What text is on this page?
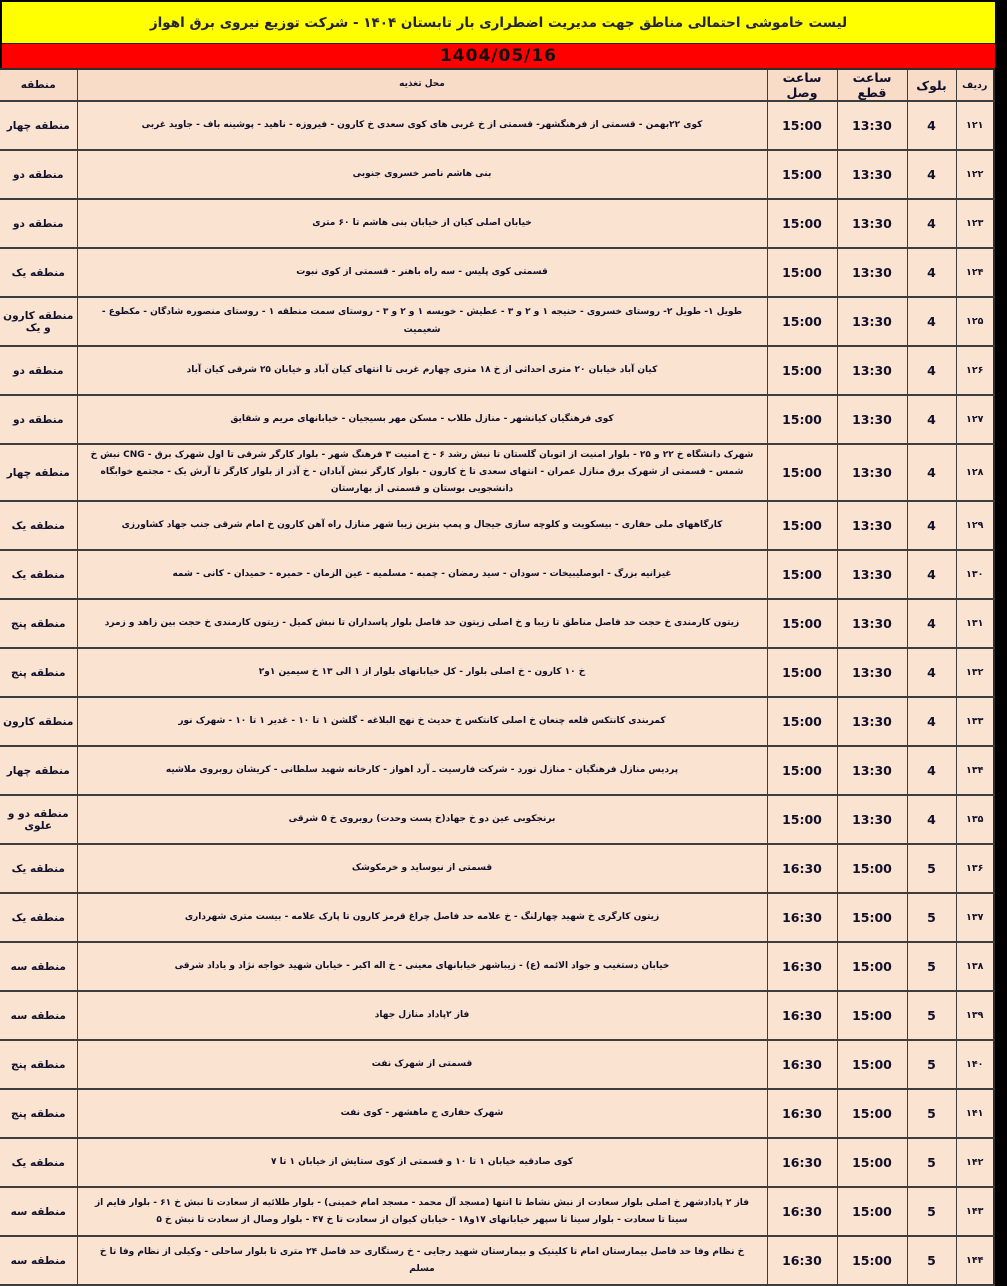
لیست خاموشی احتمالی مناطق جهت مدیریت اضطراری بار تابستان ۱۴۰۴ - شرکت توزیع نیروی برق اهواز
1404/05/16
ردیف	بلوک	ساعت قطع	ساعت وصل	محل تغذیه	منطقه
۱۲۱	4	13:30	15:00	کوی ۲۲بهمن - قسمتی از فرهنگشهر- قسمتی از خ غربی های کوی سعدی خ کارون - فیروزه - ناهید - پوشینه باف - جاوید غربی	منطقه چهار
۱۲۲	4	13:30	15:00	بنی هاشم ناصر خسروی جنوبی	منطقه دو
۱۲۳	4	13:30	15:00	خیابان اصلی کیان از خیابان بنی هاشم تا ۶۰ متری	منطقه دو
۱۲۴	4	13:30	15:00	قسمتی کوی پلیس - سه راه باهنر - قسمتی از کوی نبوت	منطقه یک
۱۲۵	4	13:30	15:00	طویل ۱- طویل ۲- روستای خسروی - حنیجه ۱ و ۲ و ۳ - عطیش - خویسه ۱ و ۲ و ۳ - روستای سمت منطقه ۱ - روستای منصوره شادگان - مکطوع - شعیمیت	منطقه کارون و یک
۱۲۶	4	13:30	15:00	کیان آباد خیابان ۲۰ متری احداثی از خ ۱۸ متری چهارم غربی تا انتهای کیان آباد و خیابان ۲۵ شرقی کیان آباد	منطقه دو
۱۲۷	4	13:30	15:00	کوی فرهنگیان کیانشهر - منازل طلاب - مسکن مهر بسیجیان - خیابانهای مریم و شقایق	منطقه دو
۱۲۸	4	13:30	15:00	شهرک دانشگاه خ ۲۲ و ۲۵ - بلوار امنیت از اتوبان گلستان تا نبش رشد ۶ - خ امنیت ۳ فرهنگ شهر - بلوار کارگر شرقی تا اول شهرک برق - CNG نبش خ شمس - قسمتی از شهرک برق منازل عمران - انتهای سعدی تا خ کارون - بلوار کارگر نبش آبادان - خ آذر از بلوار کارگر تا آرش یک - مجتمع خوابگاه دانشجویی بوستان و قسمتی از بهارستان	منطقه چهار
۱۲۹	4	13:30	15:00	کارگاههای ملی حفاری - بیسکویت و کلوچه سازی جیجال و پمپ بنزین زیبا شهر منازل راه آهن کارون خ امام شرقی جنب جهاد کشاورزی	منطقه یک
۱۳۰	4	13:30	15:00	غیزانیه بزرگ - ابوصلیبیخات - سودان - سید رمضان - چمبه - مسلمیه - عین الزمان - حمیره - حمیدان - کانی - شمه	منطقه یک
۱۳۱	4	13:30	15:00	زیتون کارمندی خ حجت حد فاصل مناطق تا زیبا و خ اصلی زیتون حد فاصل بلوار پاسداران تا نبش کمیل - زیتون کارمندی خ حجت بین زاهد و زمرد	منطقه پنج
۱۳۲	4	13:30	15:00	خ ۱۰ کارون - خ اصلی بلوار - کل خیابانهای بلوار از ۱ الی ۱۳ خ سیمین ۱و۲	منطقه پنج
۱۳۳	4	13:30	15:00	کمربندی کانتکس قلعه چنعان خ اصلی کانتکس خ حدیث خ نهج البلاغه - گلشن ۱ تا ۱۰ - غدیر ۱ تا ۱۰ - شهرک نور	منطقه کارون
۱۳۴	4	13:30	15:00	پردیس منازل فرهنگیان - منازل نورد - شرکت فارسیت ـ آرد اهواز - کارخانه شهید سلطانی - کریشان روبروی ملاشیه	منطقه چهار
۱۳۵	4	13:30	15:00	برنجکوبی عین دو خ جهاد(خ پست وحدت) روبروی خ ۵ شرقی	منطقه دو و علوی
۱۳۶	5	15:00	16:30	قسمتی از نیوساید و خرمکوشک	منطقه یک
۱۳۷	5	15:00	16:30	زیتون کارگری خ شهید چهارلنگ - خ علامه حد فاصل چراغ قرمز کارون تا پارک علامه - بیست متری شهرداری	منطقه یک
۱۳۸	5	15:00	16:30	خیابان دستغیب و جواد الائمه (ع) - زیباشهر خیابانهای معینی - خ اله اکبر - خیابان شهید خواجه نژاد و یاداد شرقی	منطقه سه
۱۳۹	5	15:00	16:30	فاز ۲پاداد منازل جهاد	منطقه سه
۱۴۰	5	15:00	16:30	قسمتی از شهرک نفت	منطقه پنج
۱۴۱	5	15:00	16:30	شهرک حفاری ج ماهشهر - کوی نفت	منطقه پنج
۱۴۲	5	15:00	16:30	کوی صادقیه خیابان ۱ تا ۱۰ و قسمتی از کوی ستایش از خیابان ۱ تا ۷	منطقه یک
۱۴۳	5	15:00	16:30	فاز ۲ پادادشهر خ اصلی بلوار سعادت از نبش نشاط تا انتها (مسجد آل محمد - مسجد امام خمینی) - بلوار طلائیه از سعادت تا نبش خ ۶۱ - بلوار قایم از سینا تا سعادت - بلوار سینا تا سپهر خیابانهای ۱۷و۱۸ - خیابان کیوان از سعادت تا خ ۴۷ - بلوار وصال از سعادت تا نبش خ ۵	منطقه سه
۱۴۴	5	15:00	16:30	خ نظام وفا حد فاصل بیمارستان امام تا کلینیک و بیمارستان شهید رجایی - خ رستگاری حد فاصل ۲۴ متری تا بلوار ساحلی - وکیلی از نظام وفا تا خ مسلم	منطقه سه
